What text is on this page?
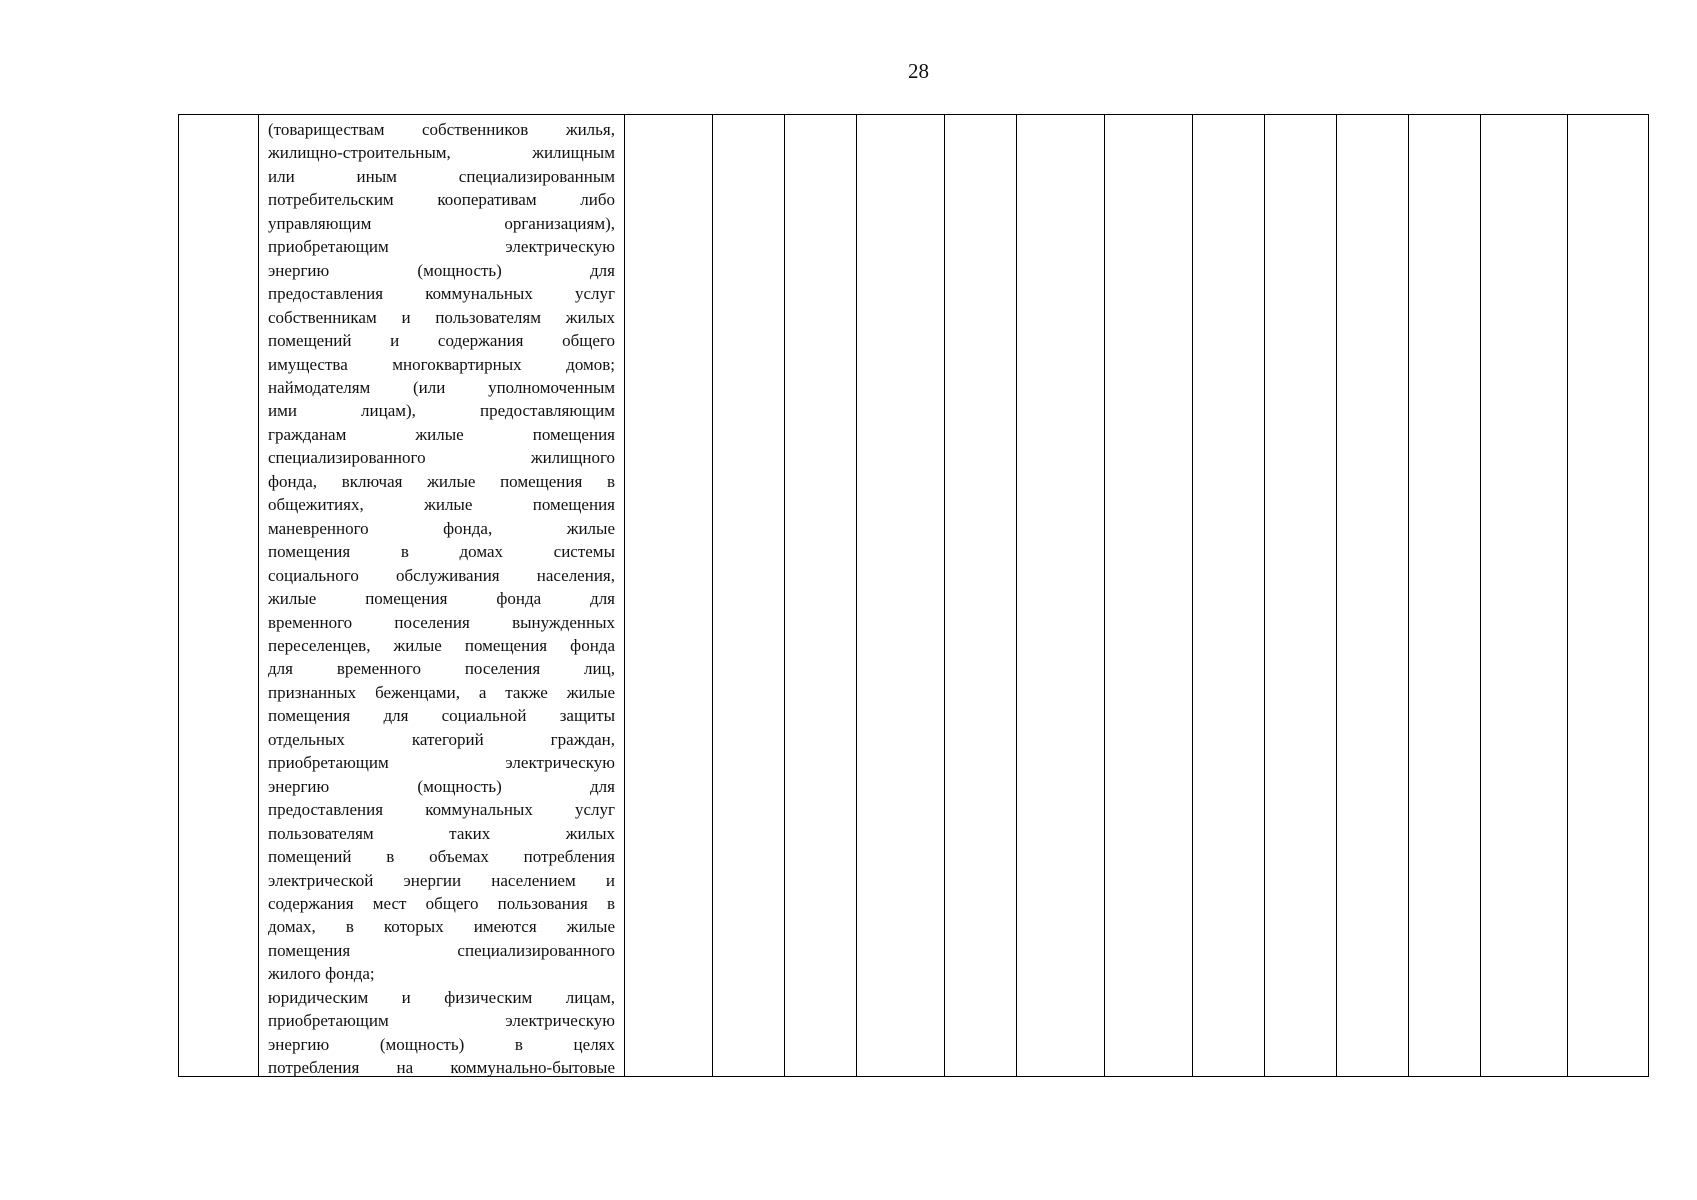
28

(товариществам собственников жилья,

жилищно-строительным, жилищным

или иным специализированным

потребительским кооперативам либо

управляющим организациям),

приобретающим электрическую

энергию (мощность) для

предоставления коммунальных услуг

собственникам и пользователям жилых

помещений и содержания общего

имущества многоквартирных домов;

наймодателям (или уполномоченным

ими лицам), предоставляющим

гражданам жилые помещения

специализированного жилищного

фонда, включая жилые помещения в

общежитиях, жилые помещения

маневренного фонда, жилые

помещения в домах системы

социального обслуживания населения,

жилые помещения фонда для

временного поселения вынужденных

переселенцев, жилые помещения фонда

для временного поселения лиц,

признанных беженцами, а также жилые

помещения для социальной защиты

отдельных категорий граждан,

приобретающим электрическую

энергию (мощность) для

предоставления коммунальных услуг

пользователям таких жилых

помещений в объемах потребления

электрической энергии населением и

содержания мест общего пользования в

домах, в которых имеются жилые

помещения специализированного

жилого фонда;

юридическим и физическим лицам,

приобретающим электрическую

энергию (мощность) в целях

потребления на коммунально-бытовые
